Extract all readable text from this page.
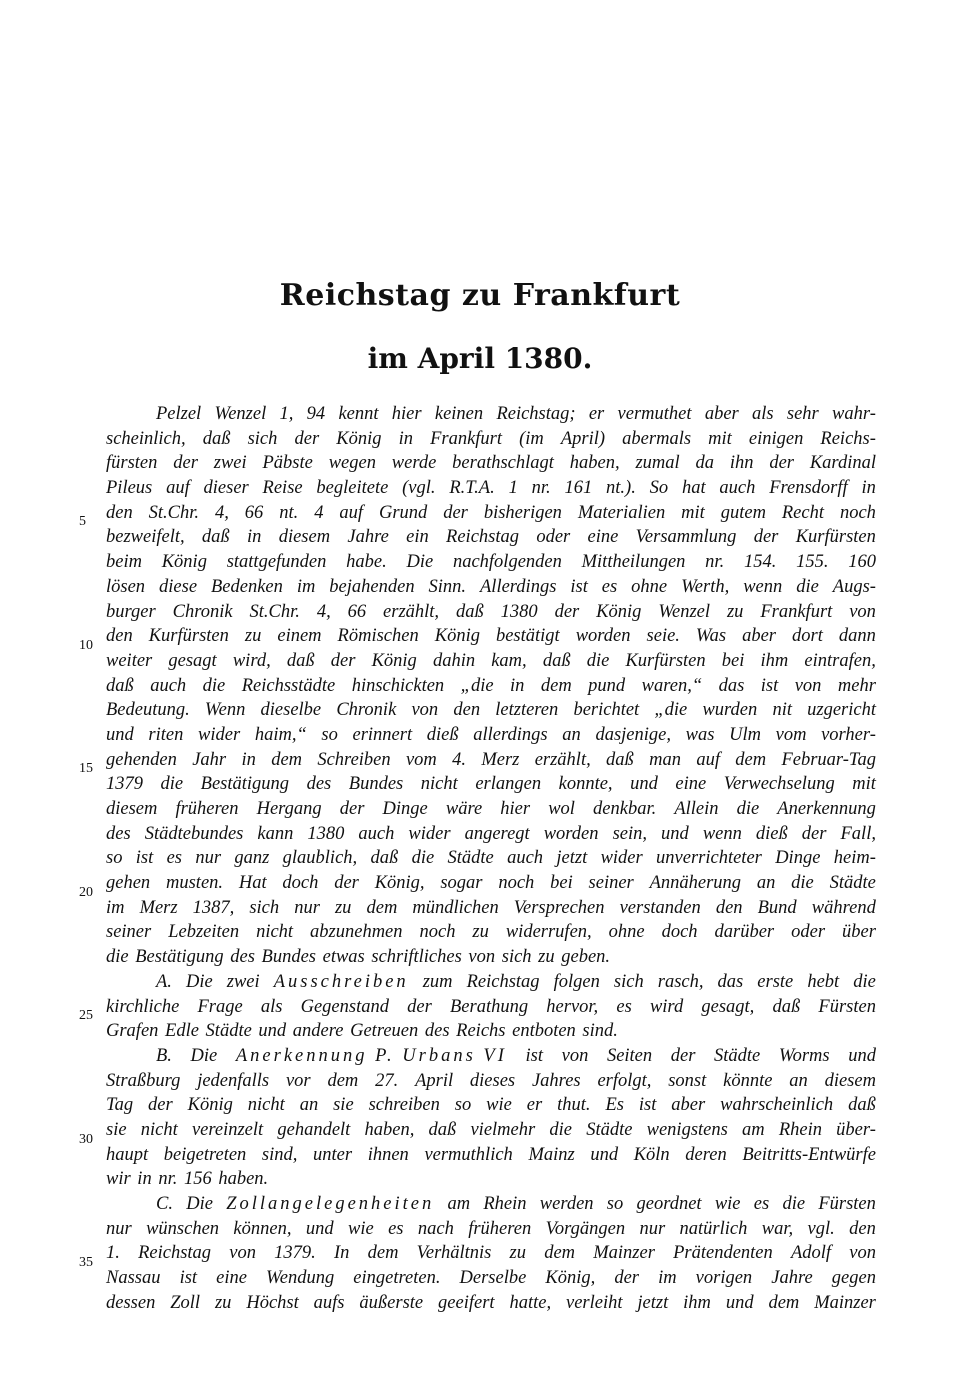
Reichstag zu Frankfurt
im April 1380.
Pelzel Wenzel 1, 94 kennt hier keinen Reichstag; er vermuthet aber als sehr wahr-
scheinlich, daß sich der König in Frankfurt (im April) abermals mit einigen Reichs-
fürsten der zwei Päbste wegen werde berathschlagt haben, zumal da ihn der Kardinal
Pileus auf dieser Reise begleitete (vgl. R.T.A. 1 nr. 161 nt.). So hat auch Frensdorff in
den St.Chr. 4, 66 nt. 4 auf Grund der bisherigen Materialien mit gutem Recht noch
bezweifelt, daß in diesem Jahre ein Reichstag oder eine Versammlung der Kurfürsten
beim König stattgefunden habe. Die nachfolgenden Mittheilungen nr. 154. 155. 160
lösen diese Bedenken im bejahenden Sinn. Allerdings ist es ohne Werth, wenn die Augs-
burger Chronik St.Chr. 4, 66 erzählt, daß 1380 der König Wenzel zu Frankfurt von
den Kurfürsten zu einem Römischen König bestätigt worden seie. Was aber dort dann
weiter gesagt wird, daß der König dahin kam, daß die Kurfürsten bei ihm eintrafen,
daß auch die Reichsstädte hinschickten „die in dem pund waren,“ das ist von mehr
Bedeutung. Wenn dieselbe Chronik von den letzteren berichtet „die wurden nit uzgericht
und riten wider haim,“ so erinnert dieß allerdings an dasjenige, was Ulm vom vorher-
gehenden Jahr in dem Schreiben vom 4. Merz erzählt, daß man auf dem Februar-Tag
1379 die Bestätigung des Bundes nicht erlangen konnte, und eine Verwechselung mit
diesem früheren Hergang der Dinge wäre hier wol denkbar. Allein die Anerkennung
des Städtebundes kann 1380 auch wider angeregt worden sein, und wenn dieß der Fall,
so ist es nur ganz glaublich, daß die Städte auch jetzt wider unverrichteter Dinge heim-
gehen musten. Hat doch der König, sogar noch bei seiner Annäherung an die Städte
im Merz 1387, sich nur zu dem mündlichen Versprechen verstanden den Bund während
seiner Lebzeiten nicht abzunehmen noch zu widerrufen, ohne doch darüber oder über
die Bestätigung des Bundes etwas schriftliches von sich zu geben.
A. Die zwei Ausschreiben zum Reichstag folgen sich rasch, das erste hebt die
kirchliche Frage als Gegenstand der Berathung hervor, es wird gesagt, daß Fürsten
Grafen Edle Städte und andere Getreuen des Reichs entboten sind.
B. Die Anerkennung P. Urbans VI ist von Seiten der Städte Worms und
Straßburg jedenfalls vor dem 27. April dieses Jahres erfolgt, sonst könnte an diesem
Tag der König nicht an sie schreiben so wie er thut. Es ist aber wahrscheinlich daß
sie nicht vereinzelt gehandelt haben, daß vielmehr die Städte wenigstens am Rhein über-
haupt beigetreten sind, unter ihnen vermuthlich Mainz und Köln deren Beitritts-Entwürfe
wir in nr. 156 haben.
C. Die Zollangelegenheiten am Rhein werden so geordnet wie es die Fürsten
nur wünschen können, und wie es nach früheren Vorgängen nur natürlich war, vgl. den
1. Reichstag von 1379. In dem Verhältnis zu dem Mainzer Prätendenten Adolf von
Nassau ist eine Wendung eingetreten. Derselbe König, der im vorigen Jahre gegen
dessen Zoll zu Höchst aufs äußerste geeifert hatte, verleiht jetzt ihm und dem Mainzer
5
10
15
20
25
30
35
